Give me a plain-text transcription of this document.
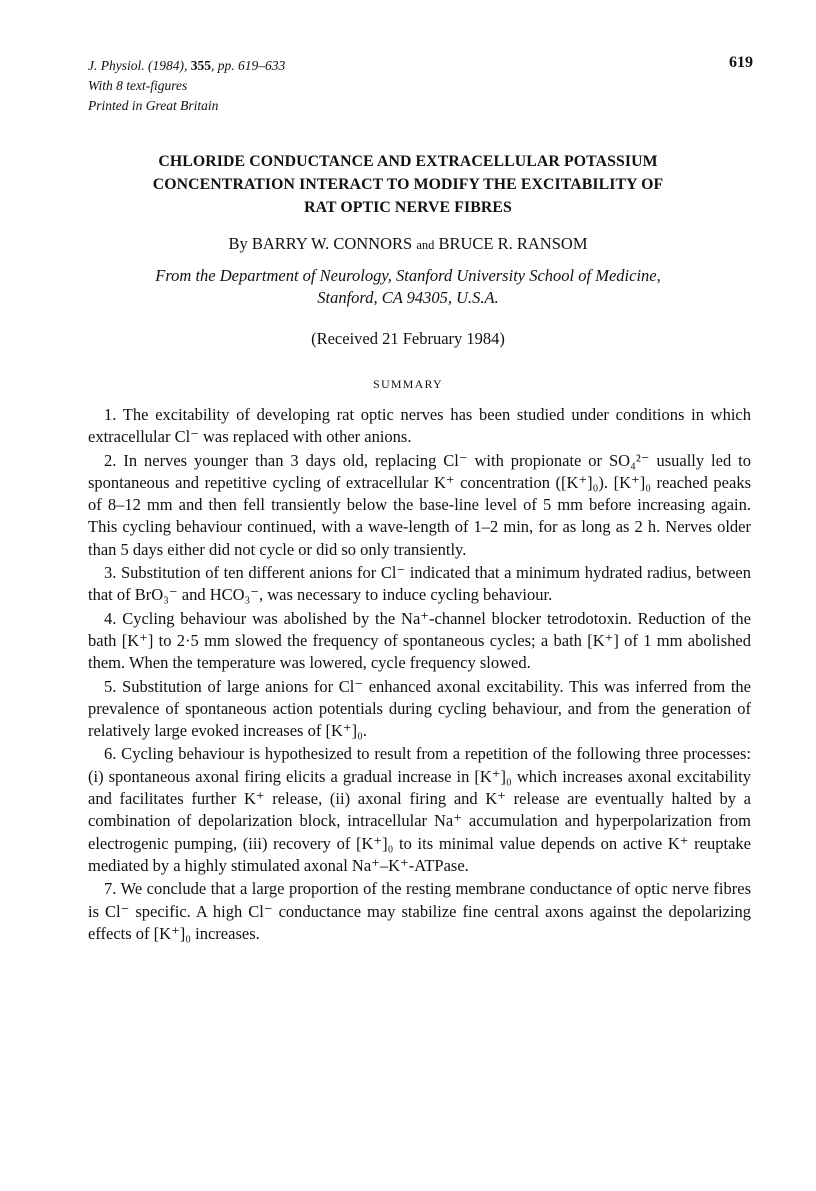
J. Physiol. (1984), 355, pp. 619–633
With 8 text-figures
Printed in Great Britain
619
CHLORIDE CONDUCTANCE AND EXTRACELLULAR POTASSIUM
CONCENTRATION INTERACT TO MODIFY THE EXCITABILITY OF
RAT OPTIC NERVE FIBRES
By BARRY W. CONNORS and BRUCE R. RANSOM
From the Department of Neurology, Stanford University School of Medicine,
Stanford, CA 94305, U.S.A.
(Received 21 February 1984)
SUMMARY

1. The excitability of developing rat optic nerves has been studied under conditions in which extracellular Cl⁻ was replaced with other anions.

2. In nerves younger than 3 days old, replacing Cl⁻ with propionate or SO₄²⁻ usually led to spontaneous and repetitive cycling of extracellular K⁺ concentration ([K⁺]₀). [K⁺]₀ reached peaks of 8–12 mm and then fell transiently below the base-line level of 5 mm before increasing again. This cycling behaviour continued, with a wave-length of 1–2 min, for as long as 2 h. Nerves older than 5 days either did not cycle or did so only transiently.

3. Substitution of ten different anions for Cl⁻ indicated that a minimum hydrated radius, between that of BrO₃⁻ and HCO₃⁻, was necessary to induce cycling behaviour.

4. Cycling behaviour was abolished by the Na⁺-channel blocker tetrodotoxin. Reduction of the bath [K⁺] to 2·5 mm slowed the frequency of spontaneous cycles; a bath [K⁺] of 1 mm abolished them. When the temperature was lowered, cycle frequency slowed.

5. Substitution of large anions for Cl⁻ enhanced axonal excitability. This was inferred from the prevalence of spontaneous action potentials during cycling behaviour, and from the generation of relatively large evoked increases of [K⁺]₀.

6. Cycling behaviour is hypothesized to result from a repetition of the following three processes: (i) spontaneous axonal firing elicits a gradual increase in [K⁺]₀ which increases axonal excitability and facilitates further K⁺ release, (ii) axonal firing and K⁺ release are eventually halted by a combination of depolarization block, intracellular Na⁺ accumulation and hyperpolarization from electrogenic pumping, (iii) recovery of [K⁺]₀ to its minimal value depends on active K⁺ reuptake mediated by a highly stimulated axonal Na⁺–K⁺-ATPase.

7. We conclude that a large proportion of the resting membrane conductance of optic nerve fibres is Cl⁻ specific. A high Cl⁻ conductance may stabilize fine central axons against the depolarizing effects of [K⁺]₀ increases.
